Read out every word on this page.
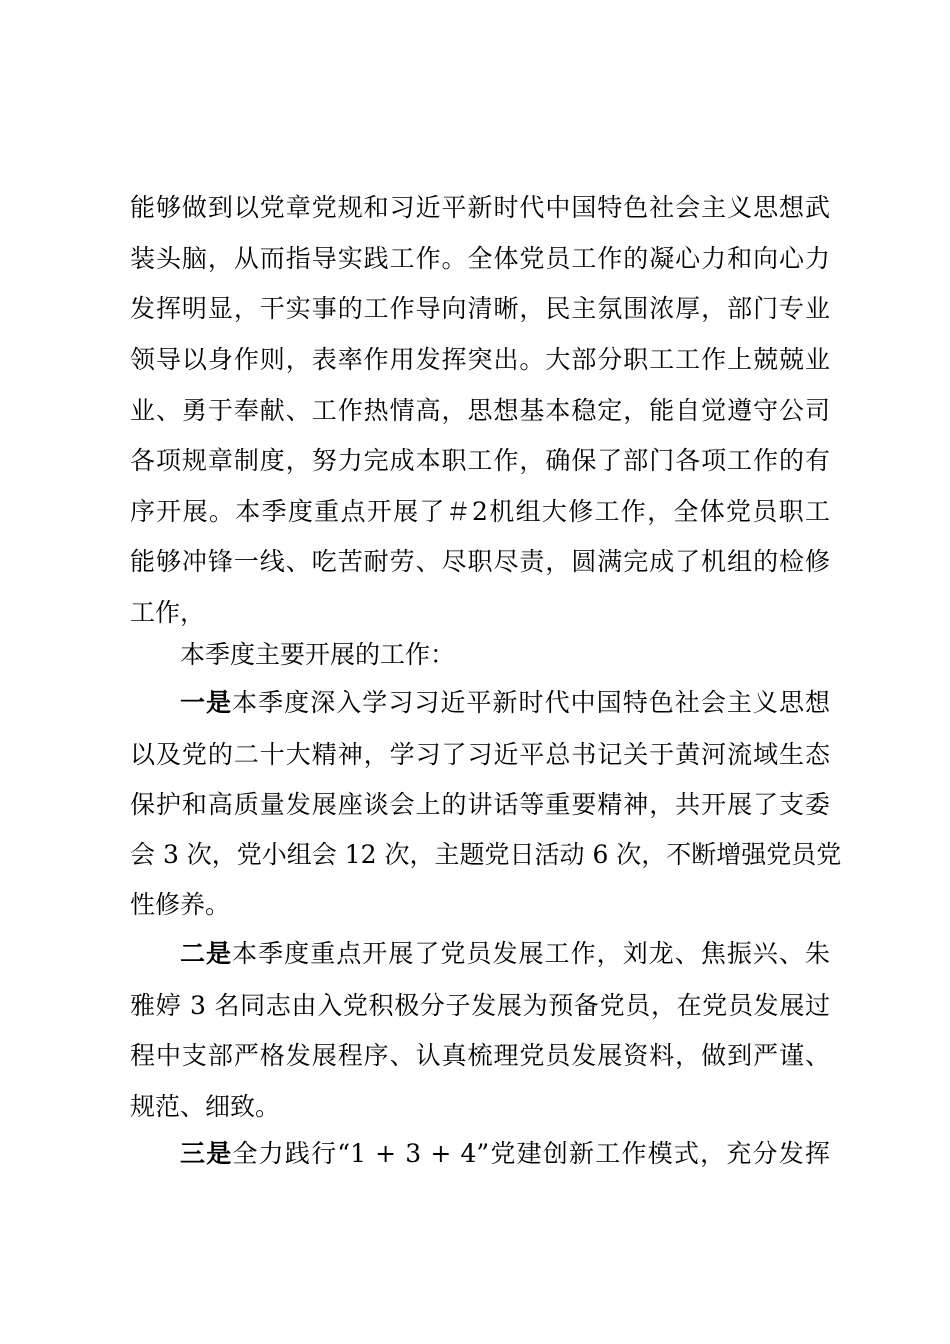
能够做到以党章党规和习近平新时代中国特色社会主义思想武
装头脑，从而指导实践工作。全体党员工作的凝心力和向心力
发挥明显，干实事的工作导向清晰，民主氛围浓厚，部门专业
领导以身作则，表率作用发挥突出。大部分职工工作上兢兢业
业、勇于奉献、工作热情高，思想基本稳定，能自觉遵守公司
各项规章制度，努力完成本职工作，确保了部门各项工作的有
序开展。本季度重点开展了＃2机组大修工作，全体党员职工
能够冲锋一线、吃苦耐劳、尽职尽责，圆满完成了机组的检修
工作，
本季度主要开展的工作：
一是本季度深入学习习近平新时代中国特色社会主义思想
以及党的二十大精神，学习了习近平总书记关于黄河流域生态
保护和高质量发展座谈会上的讲话等重要精神，共开展了支委
会 3 次，党小组会 12 次，主题党日活动 6 次，不断增强党员党
性修养。
二是本季度重点开展了党员发展工作，刘龙、焦振兴、朱
雅婷 3 名同志由入党积极分子发展为预备党员，在党员发展过
程中支部严格发展程序、认真梳理党员发展资料，做到严谨、
规范、细致。
三是全力践行“1 + 3 + 4”党建创新工作模式，充分发挥
